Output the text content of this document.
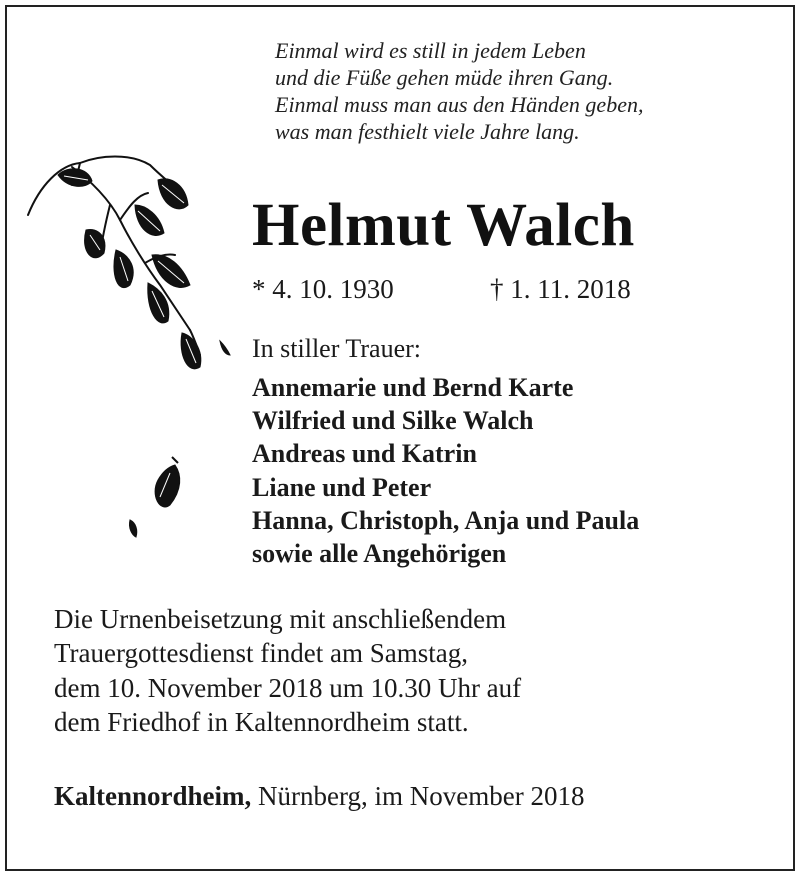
Einmal wird es still in jedem Leben
und die Füße gehen müde ihren Gang.
Einmal muss man aus den Händen geben,
was man festhielt viele Jahre lang.
Helmut Walch
* 4. 10. 1930	† 1. 11. 2018
In stiller Trauer:
Annemarie und Bernd Karte
Wilfried und Silke Walch
Andreas und Katrin
Liane und Peter
Hanna, Christoph, Anja und Paula
sowie alle Angehörigen
Die Urnenbeisetzung mit anschließendem
Trauergottesdienst findet am Samstag,
dem 10. November 2018 um 10.30 Uhr auf
dem Friedhof in Kaltennordheim statt.
Kaltennordheim, Nürnberg, im November 2018
